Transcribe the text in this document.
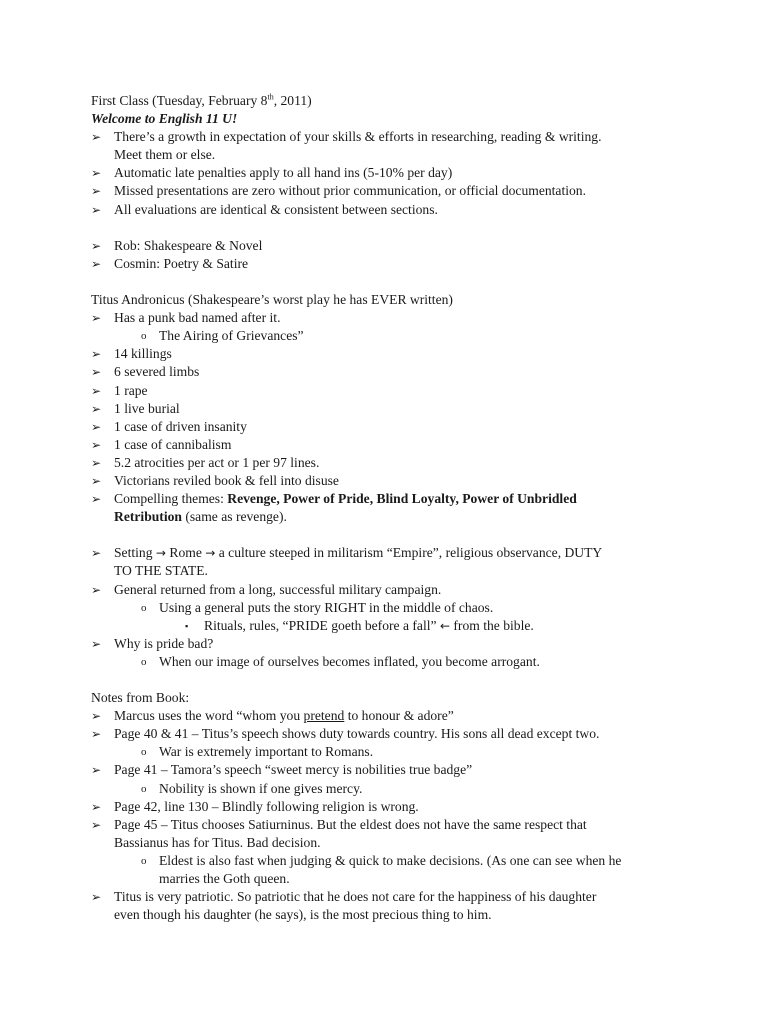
First Class (Tuesday, February 8th, 2011)
Welcome to English 11 U!
➢ There’s a growth in expectation of your skills & efforts in researching, reading & writing.
Meet them or else.
➢ Automatic late penalties apply to all hand ins (5-10% per day)
➢ Missed presentations are zero without prior communication, or official documentation.
➢ All evaluations are identical & consistent between sections.
➢ Rob: Shakespeare & Novel
➢ Cosmin: Poetry & Satire
Titus Andronicus (Shakespeare’s worst play he has EVER written)
➢ Has a punk bad named after it.
o The Airing of Grievances”
➢ 14 killings
➢ 6 severed limbs
➢ 1 rape
➢ 1 live burial
➢ 1 case of driven insanity
➢ 1 case of cannibalism
➢ 5.2 atrocities per act or 1 per 97 lines.
➢ Victorians reviled book & fell into disuse
➢ Compelling themes: Revenge, Power of Pride, Blind Loyalty, Power of Unbridled
Retribution (same as revenge).
➢ Setting → Rome → a culture steeped in militarism “Empire”, religious observance, DUTY
TO THE STATE.
➢ General returned from a long, successful military campaign.
o Using a general puts the story RIGHT in the middle of chaos.
▪	Rituals, rules, “PRIDE goeth before a fall” ← from the bible.
➢ Why is pride bad?
o When our image of ourselves becomes inflated, you become arrogant.
Notes from Book:
➢ Marcus uses the word “whom you pretend to honour & adore”
➢ Page 40 & 41 – Titus’s speech shows duty towards country. His sons all dead except two.
o War is extremely important to Romans.
➢ Page 41 – Tamora’s speech “sweet mercy is nobilities true badge”
o Nobility is shown if one gives mercy.
➢ Page 42, line 130 – Blindly following religion is wrong.
➢ Page 45 – Titus chooses Satiurninus. But the eldest does not have the same respect that
Bassianus has for Titus. Bad decision.
o Eldest is also fast when judging & quick to make decisions. (As one can see when he
marries the Goth queen.
➢ Titus is very patriotic. So patriotic that he does not care for the happiness of his daughter
even though his daughter (he says), is the most precious thing to him.
